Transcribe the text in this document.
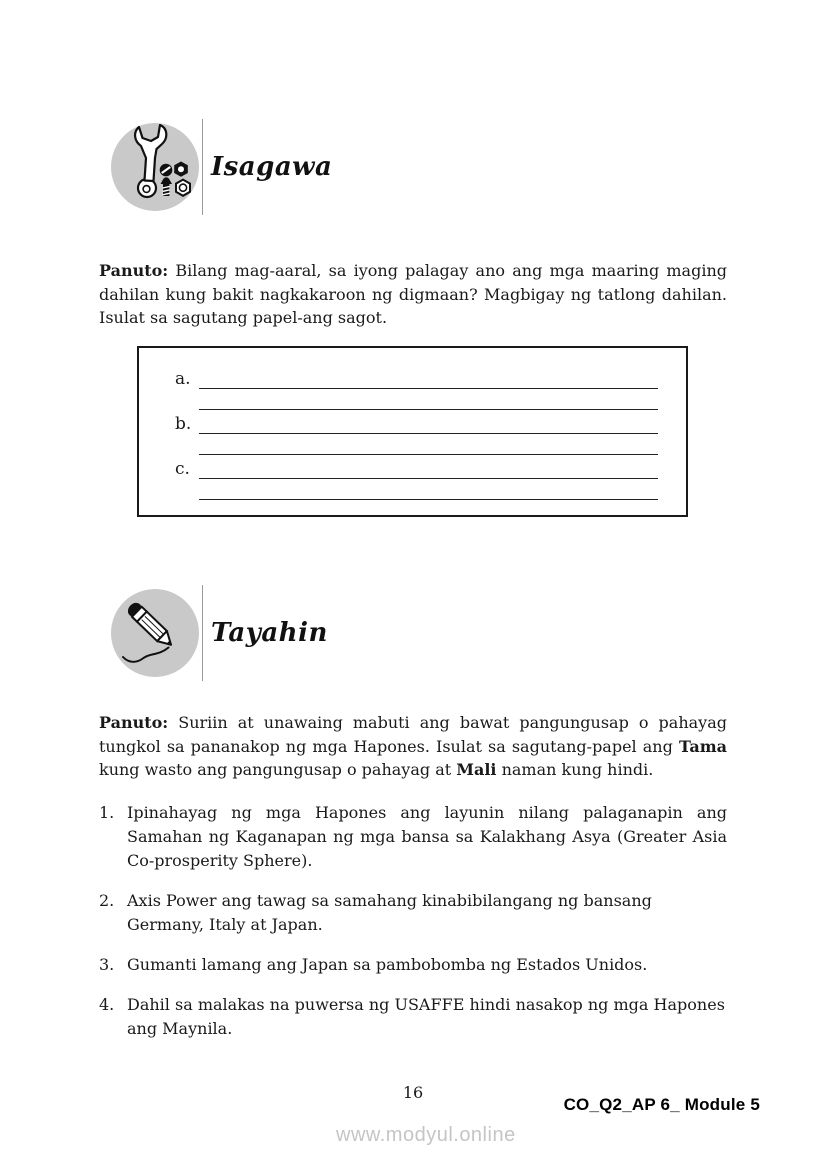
Isagawa

Panuto: Bilang mag-aaral, sa iyong palagay ano ang mga maaring maging dahilan kung bakit nagkakaroon ng digmaan? Magbigay ng tatlong dahilan. Isulat sa sagutang papel-ang sagot.

a.
b.
c.
Tayahin

Panuto: Suriin at unawaing mabuti ang bawat pangungusap o pahayag tungkol sa pananakop ng mga Hapones. Isulat sa sagutang-papel ang Tama kung wasto ang pangungusap o pahayag at Mali naman kung hindi.

1. Ipinahayag ng mga Hapones ang layunin nilang palaganapin ang Samahan ng Kaganapan ng mga bansa sa Kalakhang Asya (Greater Asia Co-prosperity Sphere).
2. Axis Power ang tawag sa samahang kinabibilangang ng bansang Germany, Italy at Japan.
3. Gumanti lamang ang Japan sa pambobomba ng Estados Unidos.
4. Dahil sa malakas na puwersa ng USAFFE hindi nasakop ng mga Hapones ang Maynila.
16
CO_Q2_AP 6_ Module 5
www.modyul.online
